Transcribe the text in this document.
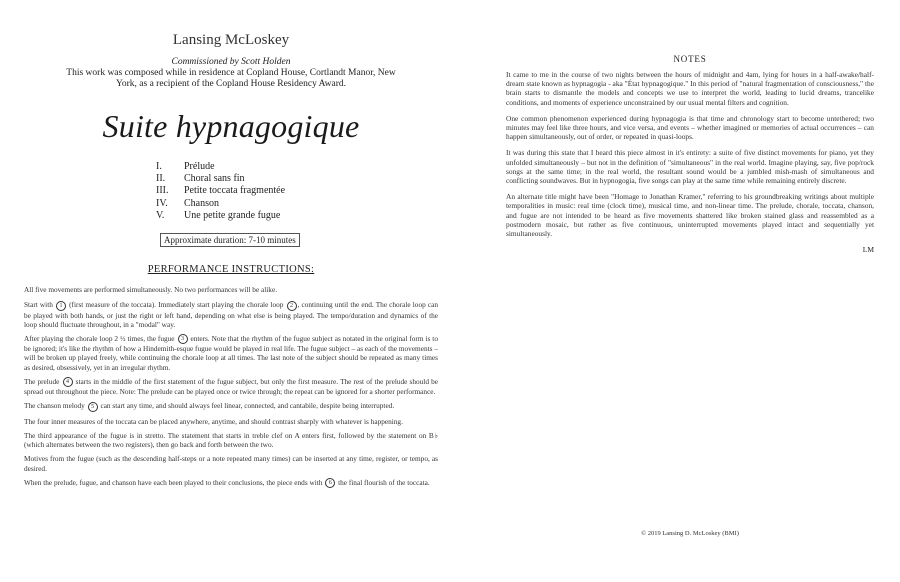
Lansing McLoskey
Commissioned by Scott Holden
This work was composed while in residence at Copland House, Cortlandt Manor, New York, as a recipient of the Copland House Residency Award.
Suite hypnagogique
I.	Prélude
II.	Choral sans fin
III.	Petite toccata fragmentée
IV.	Chanson
V.	Une petite grande fugue
Approximate duration: 7-10 minutes
PERFORMANCE INSTRUCTIONS:

All five movements are performed simultaneously. No two performances will be alike.

Start with 1 (first measure of the toccata). Immediately start playing the chorale loop 2 , continuing until the end. The chorale loop can be played with both hands, or just the right or left hand, depending on what else is being played. The tempo/duration and dynamics of the loop should fluctuate throughout, in a "modal" way.

After playing the chorale loop 2 ½ times, the fugue 3 enters. Note that the rhythm of the fugue subject as notated in the original form is to be ignored; it's like the rhythm of how a Hindemith-esque fugue would be played in real life. The fugue subject – as each of the movements – will be broken up played freely, while continuing the chorale loop at all times. The last note of the subject should be repeated as many times as desired, obsessively, yet in an irregular rhythm.

The prelude 4 starts in the middle of the first statement of the fugue subject, but only the first measure. The rest of the prelude should be spread out throughout the piece. Note: The prelude can be played once or twice through; the repeat can be ignored for a shorter performance.

The chanson melody 5 can start any time, and should always feel linear, connected, and cantabile, despite being interrupted.

The four inner measures of the toccata can be placed anywhere, anytime, and should contrast sharply with whatever is happening.

The third appearance of the fugue is in stretto. The statement that starts in treble clef on A enters first, followed by the statement on B♭ (which alternates between the two registers), then go back and forth between the two.

Motives from the fugue (such as the descending half-steps or a note repeated many times) can be inserted at any time, register, or tempo, as desired.

When the prelude, fugue, and chanson have each been played to their conclusions, the piece ends with 6 the final flourish of the toccata.

NOTES

It came to me in the course of two nights between the hours of midnight and 4am, lying for hours in a half-awake/half-dream state known as hypnagogia - aka "État hypnagogique." In this period of "natural fragmentation of consciousness," the brain starts to dismantle the models and concepts we use to interpret the world, leading to lucid dreams, trancelike conditions, and moments of experience unconstrained by our usual mental filters and cognition.

One common phenomenon experienced during hypnagogia is that time and chronology start to become untethered; two minutes may feel like three hours, and vice versa, and events – whether imagined or memories of actual occurrences – can happen simultaneously, out of order, or repeated in quasi-loops.

It was during this state that I heard this piece almost in it's entirety: a suite of five distinct movements for piano, yet they unfolded simultaneously – but not in the definition of "simultaneous" in the real world. Imagine playing, say, five pop/rock songs at the same time; in the real world, the resultant sound would be a jumbled mish-mash of simultaneous and conflicting soundwaves. But in hypnogogia, five songs can play at the same time while remaining entirely discrete.

An alternate title might have been "Homage to Jonathan Kramer," referring to his groundbreaking writings about multiple temporalities in music: real time (clock time), musical time, and non-linear time. The prelude, chorale, toccata, chanson, and fugue are not intended to be heard as five movements shattered like broken stained glass and reassembled as a postmodern mosaic, but rather as five continuous, uninterrupted movements played intact and sequentially yet simultaneously.

LM
© 2019 Lansing D. McLoskey (BMI)
